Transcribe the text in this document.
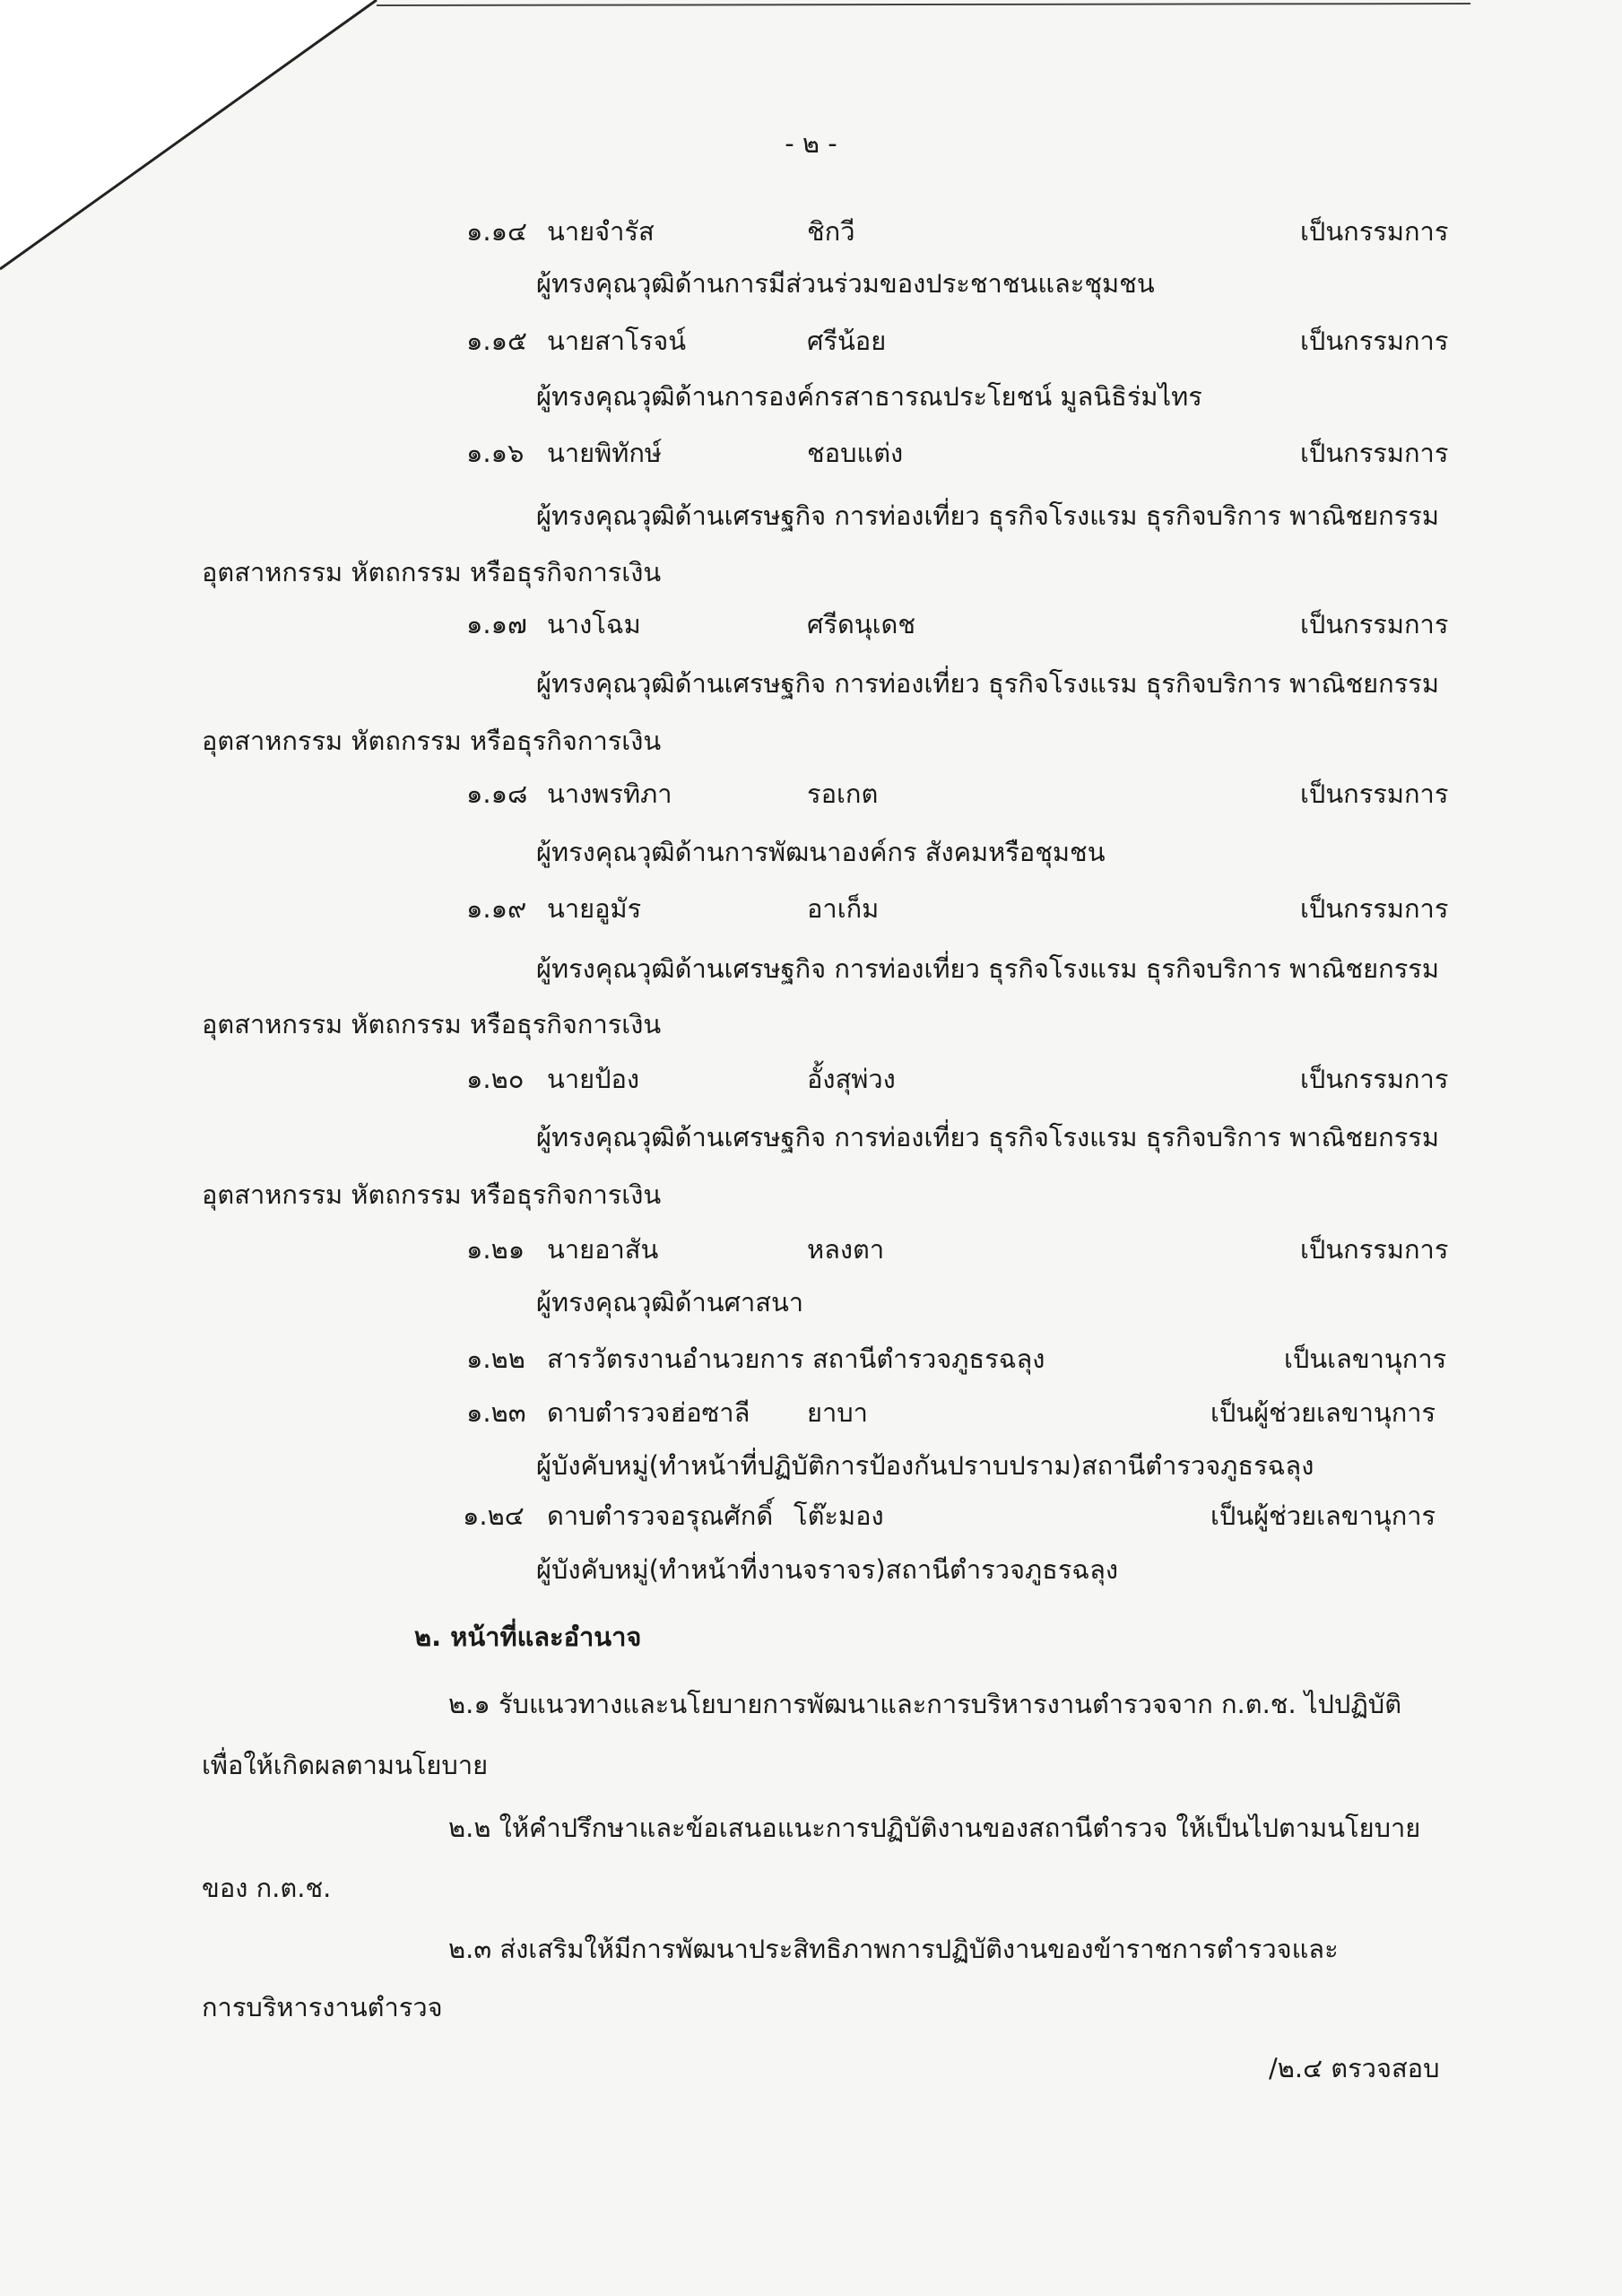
- ๒ -
๑.๑๔ นายจำรัส	ชิกวี	เป็นกรรมการ
ผู้ทรงคุณวุฒิด้านการมีส่วนร่วมของประชาชนและชุมชน
๑.๑๕ นายสาโรจน์	ศรีน้อย	เป็นกรรมการ
ผู้ทรงคุณวุฒิด้านการองค์กรสาธารณประโยชน์ มูลนิธิร่มไทร
๑.๑๖ นายพิทักษ์	ชอบแต่ง	เป็นกรรมการ
ผู้ทรงคุณวุฒิด้านเศรษฐกิจ การท่องเที่ยว ธุรกิจโรงแรม ธุรกิจบริการ พาณิชยกรรม
อุตสาหกรรม หัตถกรรม หรือธุรกิจการเงิน
๑.๑๗ นางโฉม	ศรีดนุเดช	เป็นกรรมการ
ผู้ทรงคุณวุฒิด้านเศรษฐกิจ การท่องเที่ยว ธุรกิจโรงแรม ธุรกิจบริการ พาณิชยกรรม
อุตสาหกรรม หัตถกรรม หรือธุรกิจการเงิน
๑.๑๘ นางพรทิภา	รอเกต	เป็นกรรมการ
ผู้ทรงคุณวุฒิด้านการพัฒนาองค์กร สังคมหรือชุมชน
๑.๑๙ นายอูมัร	อาเก็ม	เป็นกรรมการ
ผู้ทรงคุณวุฒิด้านเศรษฐกิจ การท่องเที่ยว ธุรกิจโรงแรม ธุรกิจบริการ พาณิชยกรรม
อุตสาหกรรม หัตถกรรม หรือธุรกิจการเงิน
๑.๒๐ นายป้อง	อั้งสุพ่วง	เป็นกรรมการ
ผู้ทรงคุณวุฒิด้านเศรษฐกิจ การท่องเที่ยว ธุรกิจโรงแรม ธุรกิจบริการ พาณิชยกรรม
อุตสาหกรรม หัตถกรรม หรือธุรกิจการเงิน
๑.๒๑ นายอาสัน	หลงตา	เป็นกรรมการ
ผู้ทรงคุณวุฒิด้านศาสนา
๑.๒๒ สารวัตรงานอำนวยการ สถานีตำรวจภูธรฉลุง	เป็นเลขานุการ
๑.๒๓ ดาบตำรวจฮ่อซาลี ยาบา	เป็นผู้ช่วยเลขานุการ
ผู้บังคับหมู่(ทำหน้าที่ปฏิบัติการป้องกันปราบปราม)สถานีตำรวจภูธรฉลุง
๑.๒๔ ดาบตำรวจอรุณศักดิ์ โต๊ะมอง	เป็นผู้ช่วยเลขานุการ
ผู้บังคับหมู่(ทำหน้าที่งานจราจร)สถานีตำรวจภูธรฉลุง
๒. หน้าที่และอำนาจ
๒.๑ รับแนวทางและนโยบายการพัฒนาและการบริหารงานตำรวจจาก ก.ต.ช. ไปปฏิบัติ
เพื่อให้เกิดผลตามนโยบาย
๒.๒ ให้คำปรึกษาและข้อเสนอแนะการปฏิบัติงานของสถานีตำรวจ ให้เป็นไปตามนโยบาย
ของ ก.ต.ช.
๒.๓ ส่งเสริมให้มีการพัฒนาประสิทธิภาพการปฏิบัติงานของข้าราชการตำรวจและ
การบริหารงานตำรวจ
/๒.๔ ตรวจสอบ
